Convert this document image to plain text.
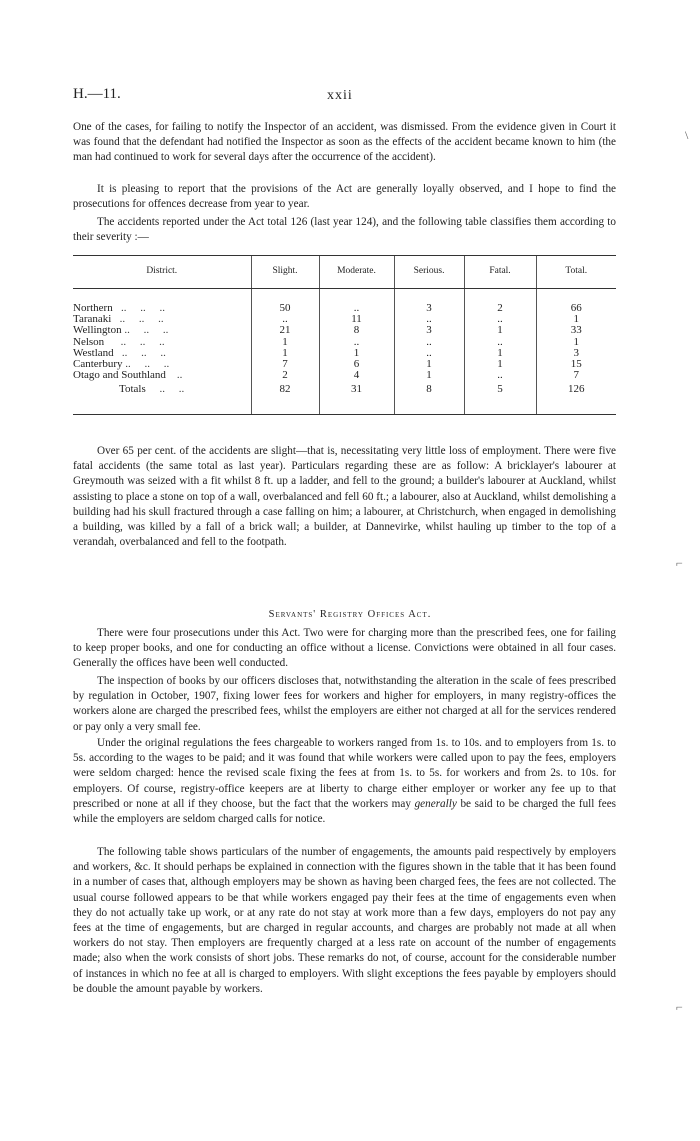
H.—11.	xxii

One of the cases, for failing to notify the Inspector of an accident, was dismissed. From the evidence given in Court it was found that the defendant had notified the Inspector as soon as the effects of the accident became known to him (the man had continued to work for several days after the occurrence of the accident).

It is pleasing to report that the provisions of the Act are generally loyally observed, and I hope to find the prosecutions for offences decrease from year to year.

The accidents reported under the Act total 126 (last year 124), and the following table classifies them according to their severity :—

District.	Slight.	Moderate.	Serious.	Fatal.	Total.

Northern   ..     ..     ..	50	..	3	2	66
Taranaki   ..     ..     ..	..	11	..	..	1
Wellington ..     ..     ..	21	8	3	1	33
Nelson      ..     ..     ..	1	..	..	..	1
Westland   ..     ..     ..	1	1	..	1	3
Canterbury ..     ..     ..	7	6	1	1	15
Otago and Southland    ..	2	4	1	..	7
Totals     ..     ..	82	31	8	5	126

Over 65 per cent. of the accidents are slight—that is, necessitating very little loss of employment. There were five fatal accidents (the same total as last year). Particulars regarding these are as follow: A bricklayer's labourer at Greymouth was seized with a fit whilst 8 ft. up a ladder, and fell to the ground; a builder's labourer at Auckland, whilst assisting to place a stone on top of a wall, overbalanced and fell 60 ft.; a labourer, also at Auckland, whilst demolishing a building had his skull fractured through a case falling on him; a labourer, at Christchurch, when engaged in demolishing a building, was killed by a fall of a brick wall; a builder, at Dannevirke, whilst hauling up timber to the top of a verandah, overbalanced and fell to the footpath.

Servants' Registry Offices Act.

There were four prosecutions under this Act. Two were for charging more than the prescribed fees, one for failing to keep proper books, and one for conducting an office without a license. Convictions were obtained in all four cases. Generally the offices have been well conducted.

The inspection of books by our officers discloses that, notwithstanding the alteration in the scale of fees prescribed by regulation in October, 1907, fixing lower fees for workers and higher for employers, in many registry-offices the workers alone are charged the prescribed fees, whilst the employers are either not charged at all for the services rendered or pay only a very small fee.

Under the original regulations the fees chargeable to workers ranged from 1s. to 10s. and to employers from 1s. to 5s. according to the wages to be paid; and it was found that while workers were called upon to pay the fees, employers were seldom charged: hence the revised scale fixing the fees at from 1s. to 5s. for workers and from 2s. to 10s. for employers. Of course, registry-office keepers are at liberty to charge either employer or worker any fee up to that prescribed or none at all if they choose, but the fact that the workers may generally be said to be charged the full fees while the employers are seldom charged calls for notice.

The following table shows particulars of the number of engagements, the amounts paid respectively by employers and workers, &c. It should perhaps be explained in connection with the figures shown in the table that it has been found in a number of cases that, although employers may be shown as having been charged fees, the fees are not collected. The usual course followed appears to be that while workers engaged pay their fees at the time of engagements even when they do not actually take up work, or at any rate do not stay at work more than a few days, employers do not pay any fees at the time of engagements, but are charged in regular accounts, and charges are probably not made at all when workers do not stay. Then employers are frequently charged at a less rate on account of the number of engagements made; also when the work consists of short jobs. These remarks do not, of course, account for the considerable number of instances in which no fee at all is charged to employers. With slight exceptions the fees payable by employers should be double the amount payable by workers.

\
⌐
⌐
